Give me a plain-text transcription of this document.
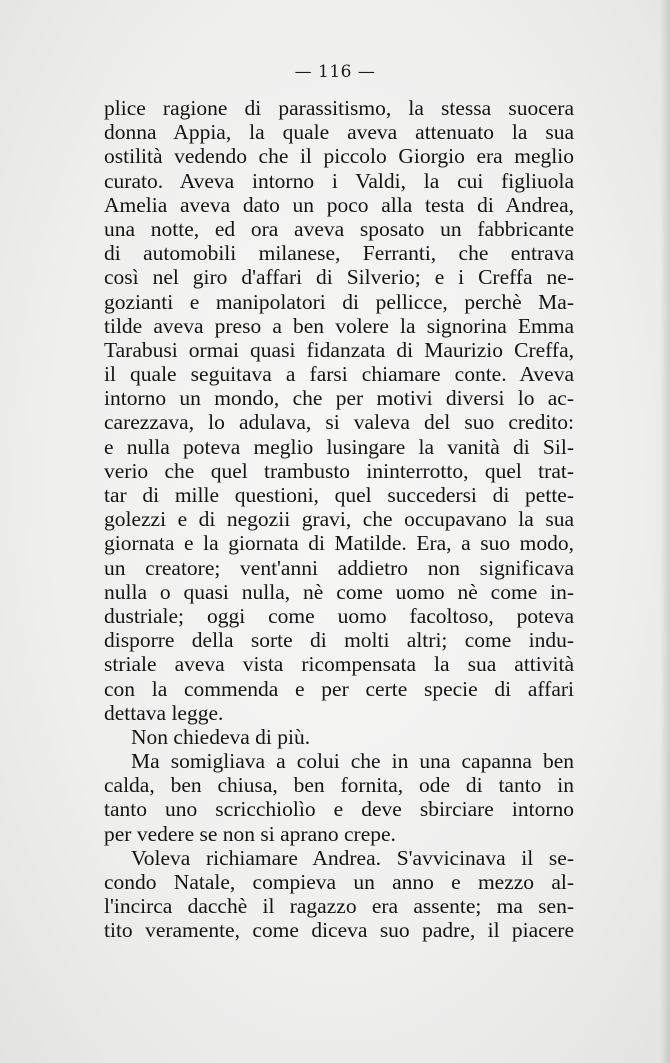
— 116 —
plice ragione di parassitismo, la stessa suocera
donna Appia, la quale aveva attenuato la sua
ostilità vedendo che il piccolo Giorgio era meglio
curato. Aveva intorno i Valdi, la cui figliuola
Amelia aveva dato un poco alla testa di Andrea,
una notte, ed ora aveva sposato un fabbricante
di automobili milanese, Ferranti, che entrava
così nel giro d'affari di Silverio; e i Creffa ne-
gozianti e manipolatori di pellicce, perchè Ma-
tilde aveva preso a ben volere la signorina Emma
Tarabusi ormai quasi fidanzata di Maurizio Creffa,
il quale seguitava a farsi chiamare conte. Aveva
intorno un mondo, che per motivi diversi lo ac-
carezzava, lo adulava, si valeva del suo credito:
e nulla poteva meglio lusingare la vanità di Sil-
verio che quel trambusto ininterrotto, quel trat-
tar di mille questioni, quel succedersi di pette-
golezzi e di negozii gravi, che occupavano la sua
giornata e la giornata di Matilde. Era, a suo modo,
un creatore; vent'anni addietro non significava
nulla o quasi nulla, nè come uomo nè come in-
dustriale; oggi come uomo facoltoso, poteva
disporre della sorte di molti altri; come indu-
striale aveva vista ricompensata la sua attività
con la commenda e per certe specie di affari
dettava legge.
Non chiedeva di più.
Ma somigliava a colui che in una capanna ben
calda, ben chiusa, ben fornita, ode di tanto in
tanto uno scricchiolìo e deve sbirciare intorno
per vedere se non si aprano crepe.
Voleva richiamare Andrea. S'avvicinava il se-
condo Natale, compieva un anno e mezzo al-
l'incirca dacchè il ragazzo era assente; ma sen-
tito veramente, come diceva suo padre, il piacere
